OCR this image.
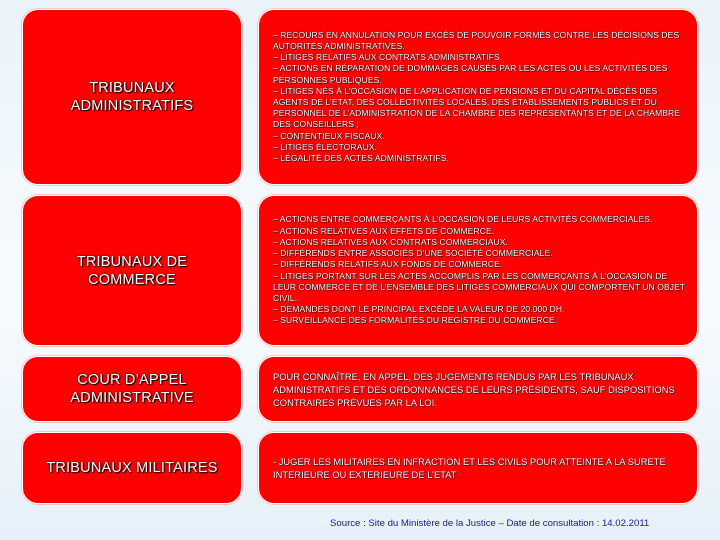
TRIBUNAUX
ADMINISTRATIFS
– RECOURS EN ANNULATION POUR EXCÈS DE POUVOIR FORMÉS CONTRE LES DÉCISIONS DES AUTORITÉS ADMINISTRATIVES.
– LITIGES RELATIFS AUX CONTRATS ADMINISTRATIFS.
– ACTIONS EN RÉPARATION DE DOMMAGES CAUSÉS PAR LES ACTES OU LES ACTIVITÉS DES PERSONNES PUBLIQUES.
– LITIGES NÉS À L’OCCASION DE L’APPLICATION DE PENSIONS ET DU CAPITAL DÉCÈS DES AGENTS DE L’ETAT, DES COLLECTIVITÉS LOCALES, DES ÉTABLISSEMENTS PUBLICS ET DU PERSONNEL DE L’ADMINISTRATION DE LA CHAMBRE DES REPRÉSENTANTS ET DE LA CHAMBRE DES CONSEILLERS ;
– CONTENTIEUX FISCAUX.
– LITIGES ÉLECTORAUX.
– LÉGALITÉ DES ACTES ADMINISTRATIFS.
TRIBUNAUX DE
COMMERCE
– ACTIONS ENTRE COMMERÇANTS À L’OCCASION DE LEURS ACTIVITÉS COMMERCIALES.
– ACTIONS RELATIVES AUX EFFETS DE COMMERCE.
– ACTIONS RELATIVES AUX CONTRATS COMMERCIAUX.
– DIFFÉRENDS ENTRE ASSOCIÉS D’UNE SOCIÉTÉ COMMERCIALE.
– DIFFÉRENDS RELATIFS AUX FONDS DE COMMERCE.
– LITIGES PORTANT SUR LES ACTES ACCOMPLIS PAR LES COMMERÇANTS À L’OCCASION DE LEUR COMMERCE ET DE L’ENSEMBLE DES LITIGES COMMERCIAUX QUI COMPORTENT UN OBJET CIVIL.
– DEMANDES DONT LE PRINCIPAL EXCÈDE LA VALEUR DE 20.000 DH.
– SURVEILLANCE DES FORMALITÉS DU REGISTRE DU COMMERCE.
COUR D’APPEL
ADMINISTRATIVE
POUR CONNAÎTRE, EN APPEL, DES JUGEMENTS RENDUS PAR LES TRIBUNAUX ADMINISTRATIFS ET DES ORDONNANCES DE LEURS PRÉSIDENTS, SAUF DISPOSITIONS CONTRAIRES PRÉVUES PAR LA LOI.
TRIBUNAUX MILITAIRES	- JUGER LES MILITAIRES EN INFRACTION ET LES CIVILS POUR ATTEINTE A LA SURETE INTERIEURE OU EXTERIEURE DE L’ETAT
Source : Site du Ministère de la Justice – Date de consultation : 14.02.2011
